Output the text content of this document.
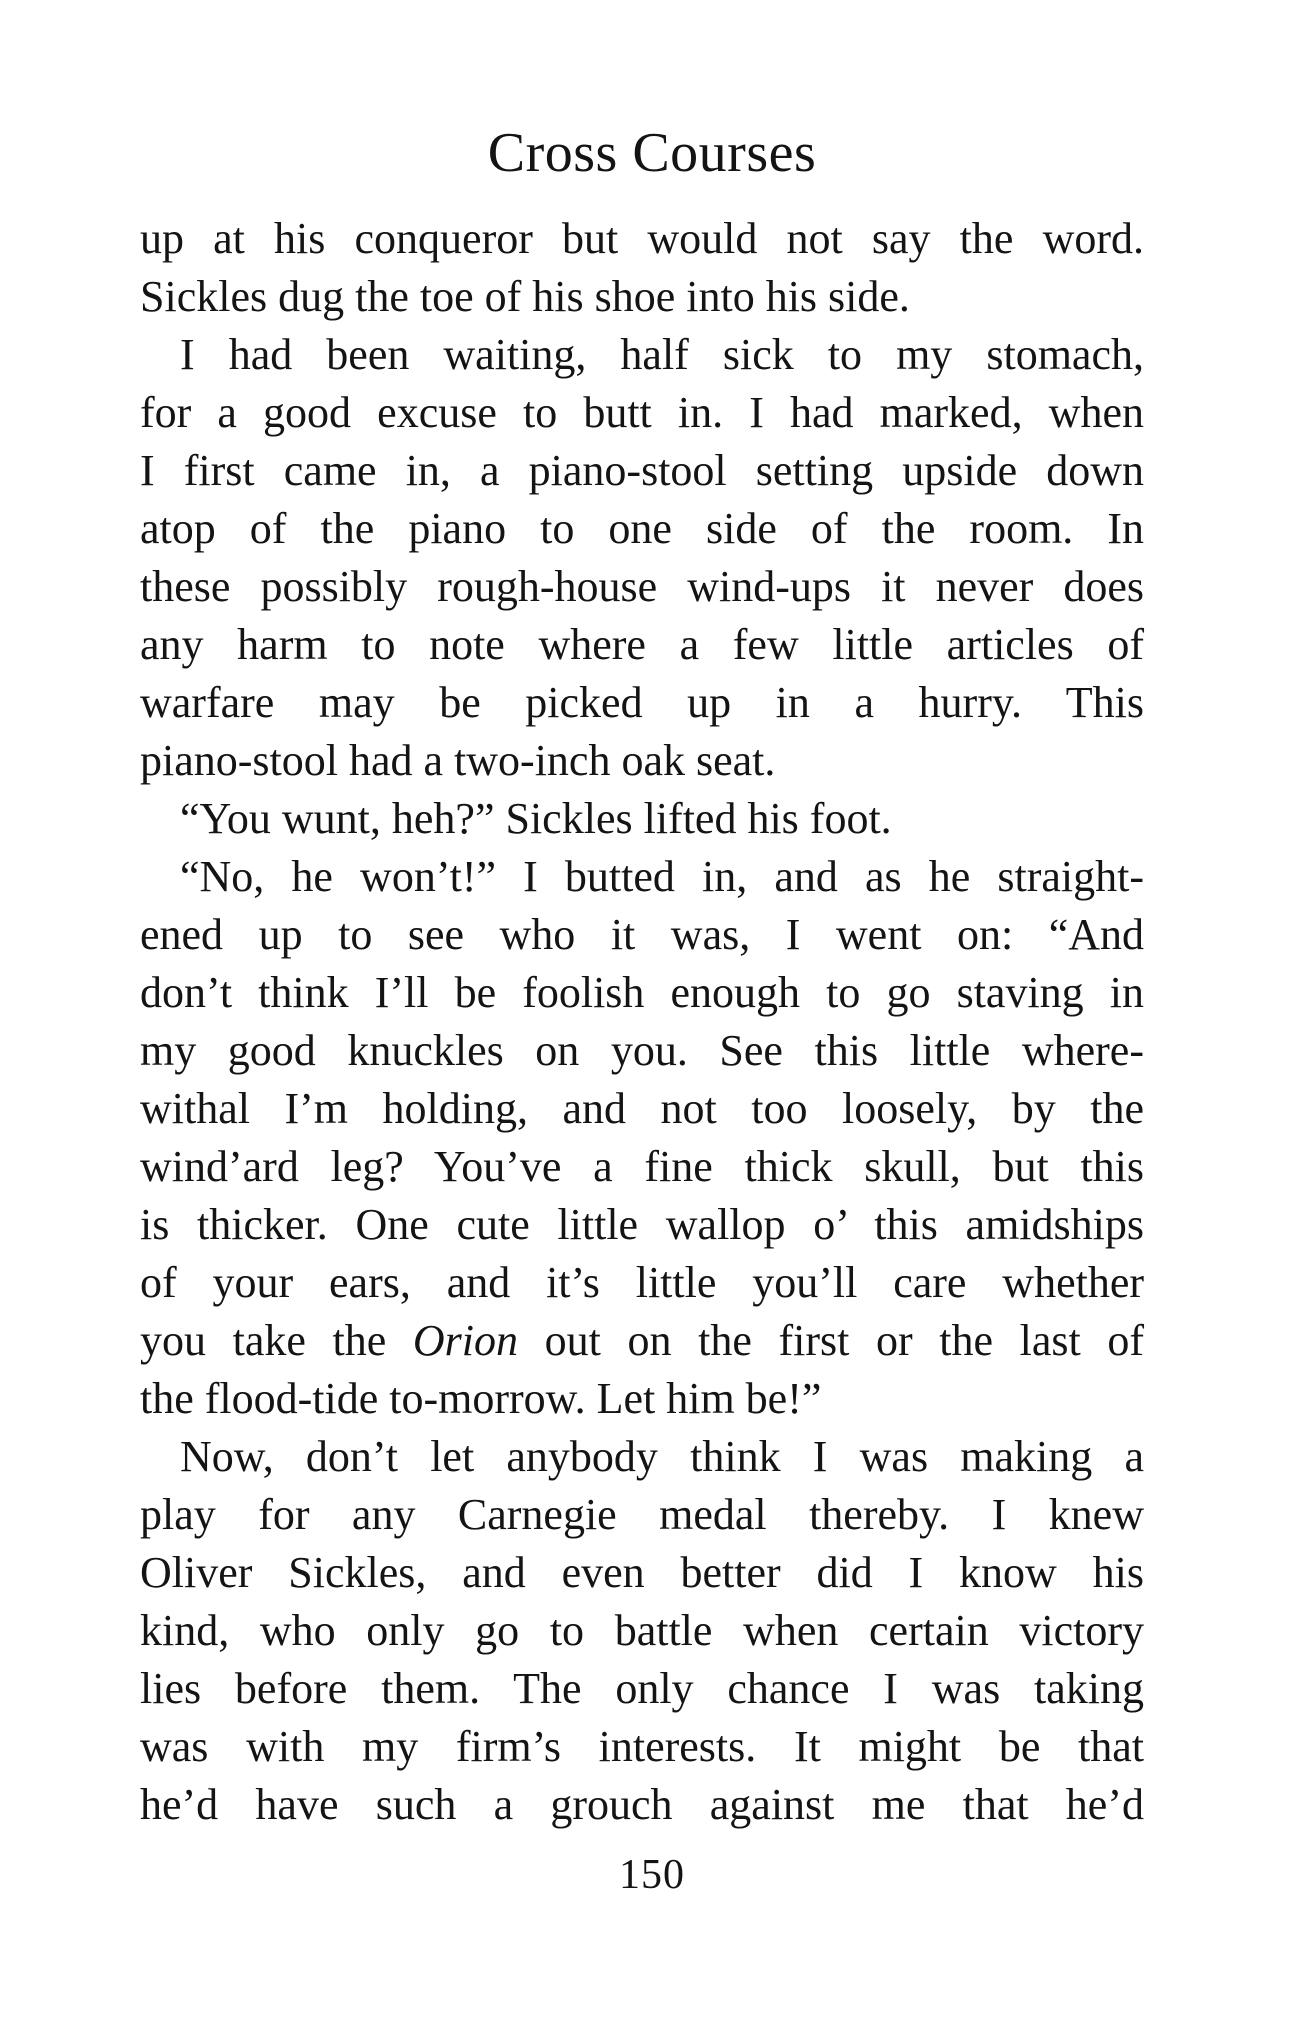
Cross Courses
up at his conqueror but would not say the word.
Sickles dug the toe of his shoe into his side.
I had been waiting, half sick to my stomach,
for a good excuse to butt in. I had marked, when
I first came in, a piano-stool setting upside down
atop of the piano to one side of the room. In
these possibly rough-house wind-ups it never does
any harm to note where a few little articles of
warfare may be picked up in a hurry. This
piano-stool had a two-inch oak seat.
“You wunt, heh?” Sickles lifted his foot.
“No, he won’t!” I butted in, and as he straight-
ened up to see who it was, I went on: “And
don’t think I’ll be foolish enough to go staving in
my good knuckles on you. See this little where-
withal I’m holding, and not too loosely, by the
wind’ard leg? You’ve a fine thick skull, but this
is thicker. One cute little wallop o’ this amidships
of your ears, and it’s little you’ll care whether
you take the Orion out on the first or the last of
the flood-tide to-morrow. Let him be!”
Now, don’t let anybody think I was making a
play for any Carnegie medal thereby. I knew
Oliver Sickles, and even better did I know his
kind, who only go to battle when certain victory
lies before them. The only chance I was taking
was with my firm’s interests. It might be that
he’d have such a grouch against me that he’d
150
